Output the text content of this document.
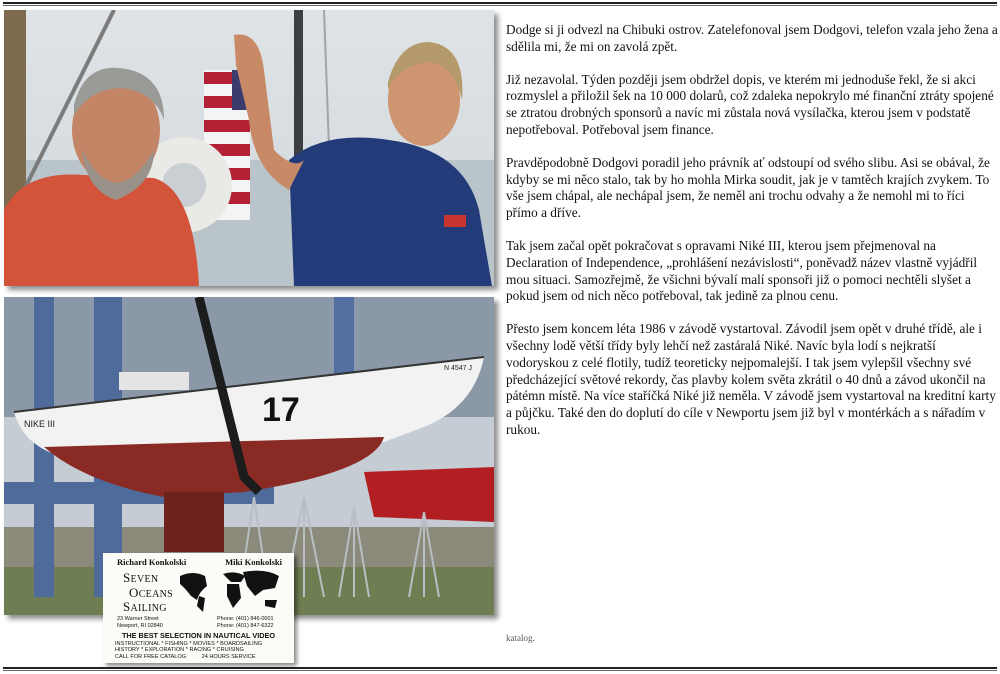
17
NIKE III
N 4547 J
Richard Konkolski	Miki Konkolski
SEVEN
OCEANS
SAILING
23 Warner Street
Newport, RI 02840
Phone: (401) 846-0001
Phone: (401) 847-6322
THE BEST SELECTION IN NAUTICAL VIDEO
INSTRUCTIONAL * FISHING * MOVIES * BOARDSAILING
HISTORY * EXPLORATION * RACING * CRUISING
CALL FOR FREE CATALOG          24 HOURS SERVICE

Dodge si ji odvezl na Chibuki ostrov. Zatelefonoval jsem Dodgovi, telefon vzala jeho žena a sdělila mi, že mi on zavolá zpět.

Již nezavolal. Týden později jsem obdržel dopis, ve kterém mi jednoduše řekl, že si akci rozmyslel a přiložil šek na 10 000 dolarů, což zdaleka nepokrylo mé finanční ztráty spojené se ztratou drobných sponsorů a navíc mi zůstala nová vysílačka, kterou jsem v podstatě nepotřeboval. Potřeboval jsem finance.

Pravděpodobně Dodgovi poradil jeho právník ať odstoupí od svého slibu. Asi se obával, že kdyby se mi něco stalo, tak by ho mohla Mirka soudit, jak je v tamtěch krajích zvykem. To vše jsem chápal, ale nechápal jsem, že neměl ani trochu odvahy a že nemohl mi to říci přímo a dříve.

Tak jsem začal opět pokračovat s opravami Niké III, kterou jsem přejmenoval na Declaration of Independence, „prohlášení nezávislosti“, poněvadž název vlastně vyjádřil mou situaci. Samozřejmě, že všichni bývalí malí sponsoři již o pomoci nechtěli slyšet a pokud jsem od nich něco potřeboval, tak jedině za plnou cenu.

Přesto jsem koncem léta 1986 v závodě vystartoval. Závodil jsem opět v druhé třídě, ale i všechny lodě větší třídy byly lehčí než zastáralá Niké. Navíc byla lodí s nejkratší vodoryskou z celé flotily, tudíž teoreticky nejpomalejší. I tak jsem vylepšil všechny své předcházející světové rekordy, čas plavby kolem světa zkrátil o 40 dnů a závod ukončil na pátémn místě. Na více staříčká Niké již neměla. V závodě jsem vystartoval na kreditní karty a půjčku. Také den do doplutí do cíle v Newportu jsem již byl v montérkách a s nářadím v rukou.

katalog.
